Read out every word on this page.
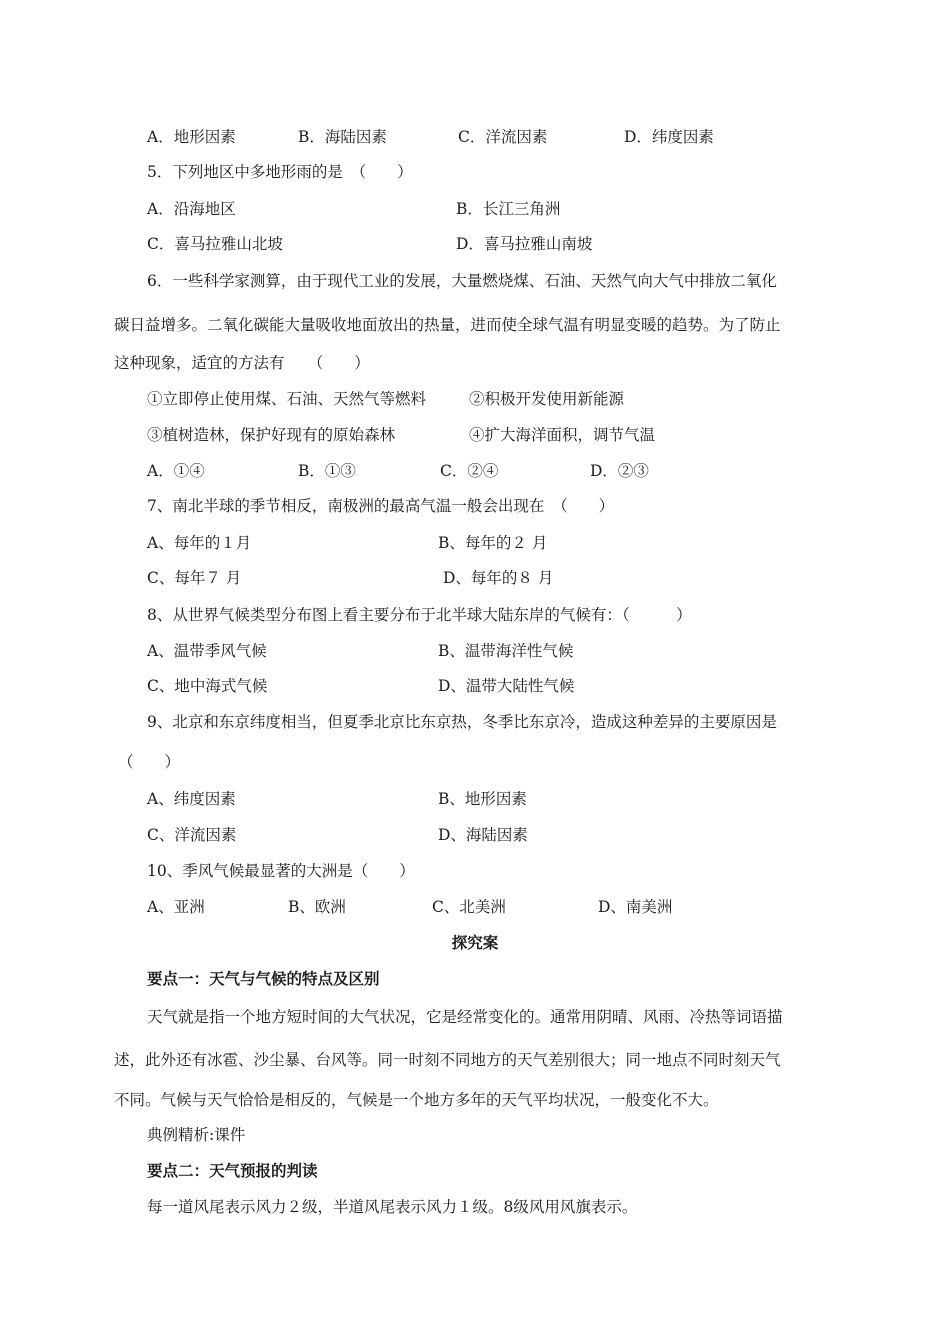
A．地形因素	B．海陆因素	C．洋流因素	D．纬度因素
5．下列地区中多地形雨的是　（　　）
A．沿海地区	B．长江三角洲
C．喜马拉雅山北坡	D．喜马拉雅山南坡
6．一些科学家测算，由于现代工业的发展，大量燃烧煤、石油、天然气向大气中排放二氧化
碳日益增多。二氧化碳能大量吸收地面放出的热量，进而使全球气温有明显变暖的趋势。为了防止
这种现象，适宜的方法有　　（　　）
①立即停止使用煤、石油、天然气等燃料	②积极开发使用新能源
③植树造林，保护好现有的原始森林	④扩大海洋面积，调节气温
A．①④	B．①③	C．②④	D．②③
7、南北半球的季节相反，南极洲的最高气温一般会出现在　（　　）
A、每年的１月	B、每年的２ 月
C、每年７ 月	D、每年的８ 月
8、从世界气候类型分布图上看主要分布于北半球大陆东岸的气候有：（　　　）
A、温带季风气候	B、温带海洋性气候
C、地中海式气候	D、温带大陆性气候
9、北京和东京纬度相当，但夏季北京比东京热，冬季比东京冷，造成这种差异的主要原因是
（　　）
A、纬度因素	B、地形因素
C、洋流因素	D、海陆因素
10、季风气候最显著的大洲是（　　）
A、亚洲	B、欧洲	C、北美洲	D、南美洲
探究案
要点一：天气与气候的特点及区别
天气就是指一个地方短时间的大气状况，它是经常变化的。通常用阴晴、风雨、冷热等词语描
述，此外还有冰雹、沙尘暴、台风等。同一时刻不同地方的天气差别很大；同一地点不同时刻天气
不同。气候与天气恰恰是相反的，气候是一个地方多年的天气平均状况，一般变化不大。
典例精析:课件
要点二：天气预报的判读
每一道风尾表示风力２级，半道风尾表示风力１级。8级风用风旗表示。
